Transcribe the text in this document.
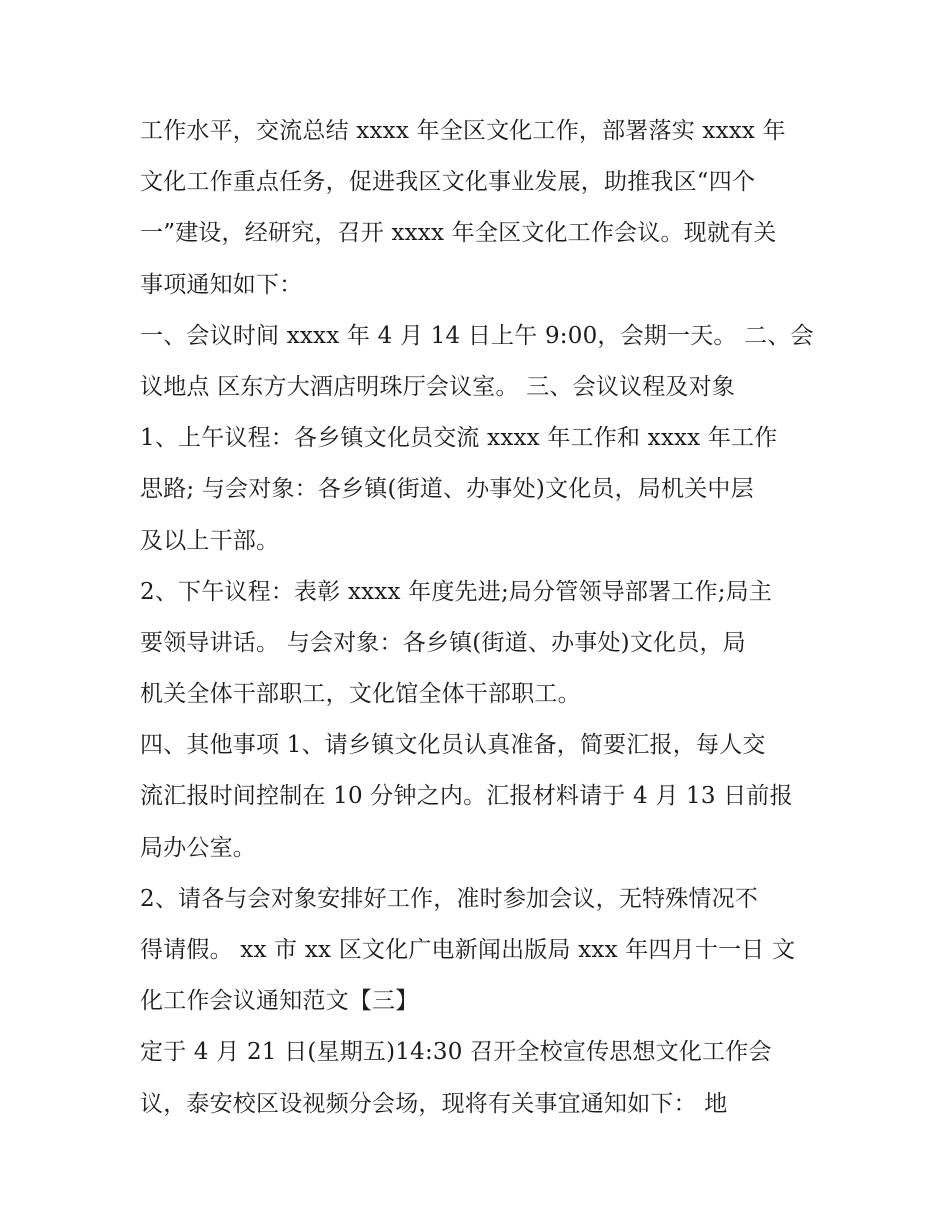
工作水平，交流总结 xxxx 年全区文化工作，部署落实 xxxx 年
文化工作重点任务，促进我区文化事业发展，助推我区“四个
一”建设，经研究，召开 xxxx 年全区文化工作会议。现就有关
事项通知如下：
一、会议时间 xxxx 年 4 月 14 日上午 9:00，会期一天。 二、会
议地点 区东方大酒店明珠厅会议室。 三、会议议程及对象
1、上午议程：各乡镇文化员交流 xxxx 年工作和 xxxx 年工作
思路; 与会对象：各乡镇(街道、办事处)文化员，局机关中层
及以上干部。
2、下午议程：表彰 xxxx 年度先进;局分管领导部署工作;局主
要领导讲话。 与会对象：各乡镇(街道、办事处)文化员，局
机关全体干部职工，文化馆全体干部职工。
四、其他事项 1、请乡镇文化员认真准备，简要汇报，每人交
流汇报时间控制在 10 分钟之内。汇报材料请于 4 月 13 日前报
局办公室。
2、请各与会对象安排好工作，准时参加会议，无特殊情况不
得请假。 xx 市 xx 区文化广电新闻出版局 xxx 年四月十一日 文
化工作会议通知范文【三】
定于 4 月 21 日(星期五)14:30 召开全校宣传思想文化工作会
议，泰安校区设视频分会场，现将有关事宜通知如下： 地
